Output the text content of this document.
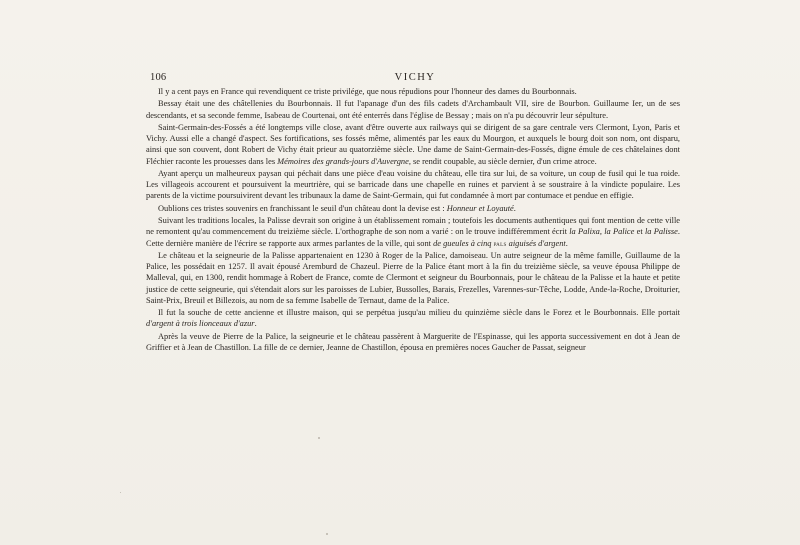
106	VICHY

Il y a cent pays en France qui revendiquent ce triste privilége, que nous répudions pour l'honneur des dames du Bourbonnais.

Bessay était une des châtellenies du Bourbonnais. Il fut l'apanage d'un des fils cadets d'Archambault VII, sire de Bourbon. Guillaume Ier, un de ses descendants, et sa seconde femme, Isabeau de Courtenai, ont été enterrés dans l'église de Bessay ; mais on n'a pu découvrir leur sépulture.

Saint-Germain-des-Fossés a été longtemps ville close, avant d'être ouverte aux railways qui se dirigent de sa gare centrale vers Clermont, Lyon, Paris et Vichy. Aussi elle a changé d'aspect. Ses fortifications, ses fossés même, alimentés par les eaux du Mourgon, et auxquels le bourg doit son nom, ont disparu, ainsi que son couvent, dont Robert de Vichy était prieur au quatorzième siècle. Une dame de Saint-Germain-des-Fossés, digne émule de ces châtelaines dont Fléchier raconte les prouesses dans les Mémoires des grands-jours d'Auvergne, se rendit coupable, au siècle dernier, d'un crime atroce.

Ayant aperçu un malheureux paysan qui péchait dans une pièce d'eau voisine du château, elle tira sur lui, de sa voiture, un coup de fusil qui le tua roide. Les villageois accourent et poursuivent la meurtrière, qui se barricade dans une chapelle en ruines et parvient à se soustraire à la vindicte populaire. Les parents de la victime poursuivirent devant les tribunaux la dame de Saint-Germain, qui fut condamnée à mort par contumace et pendue en effigie.

Oublions ces tristes souvenirs en franchissant le seuil d'un château dont la devise est : Honneur et Loyauté.

Suivant les traditions locales, la Palisse devrait son origine à un établissement romain ; toutefois les documents authentiques qui font mention de cette ville ne remontent qu'au commencement du treizième siècle. L'orthographe de son nom a varié : on le trouve indifféremment écrit la Palixa, la Palice et la Palisse. Cette dernière manière de l'écrire se rapporte aux armes parlantes de la ville, qui sont de gueules à cinq pals aiguisés d'argent.

Le château et la seigneurie de la Palisse appartenaient en 1230 à Roger de la Palice, damoiseau. Un autre seigneur de la même famille, Guillaume de la Palice, les possédait en 1257. Il avait épousé Aremburd de Chazeul. Pierre de la Palice étant mort à la fin du treizième siècle, sa veuve épousa Philippe de Malleval, qui, en 1300, rendit hommage à Robert de France, comte de Clermont et seigneur du Bourbonnais, pour le château de la Palisse et la haute et petite justice de cette seigneurie, qui s'étendait alors sur les paroisses de Lubier, Bussolles, Barais, Frezelles, Varennes-sur-Têche, Lodde, Ande-la-Roche, Droiturier, Saint-Prix, Breuil et Billezois, au nom de sa femme Isabelle de Ternaut, dame de la Palice.

Il fut la souche de cette ancienne et illustre maison, qui se perpétua jusqu'au milieu du quinzième siècle dans le Forez et le Bourbonnais. Elle portait d'argent à trois lionceaux d'azur.

Après la veuve de Pierre de la Palice, la seigneurie et le château passèrent à Marguerite de l'Espinasse, qui les apporta successivement en dot à Jean de Griffier et à Jean de Chastillon. La fille de ce dernier, Jeanne de Chastillon, épousa en premières noces Gaucher de Passat, seigneur
